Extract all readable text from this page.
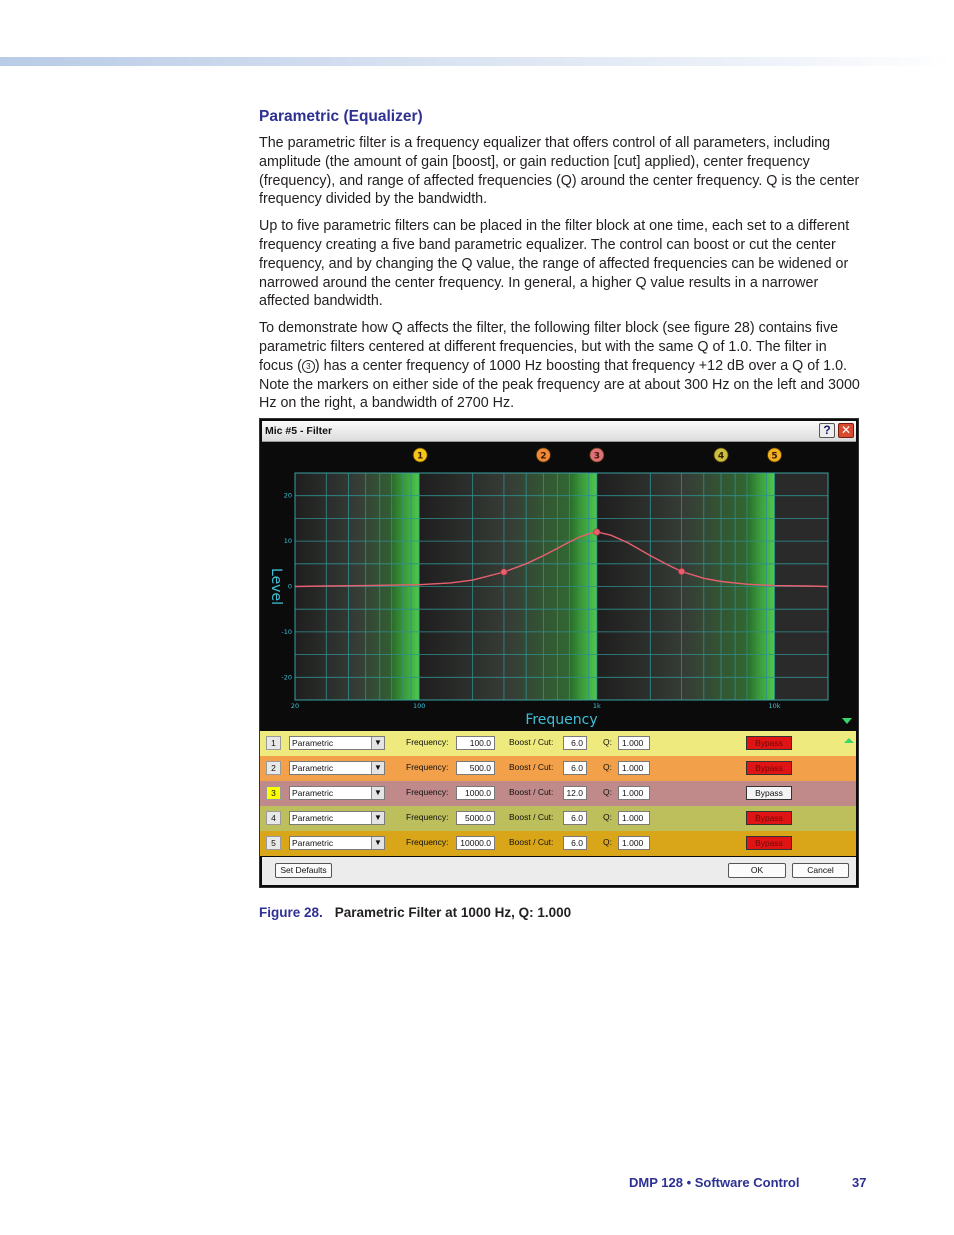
Parametric (Equalizer)

The parametric filter is a frequency equalizer that offers control of all parameters, including amplitude (the amount of gain [boost], or gain reduction [cut] applied), center frequency (frequency), and range of affected frequencies (Q) around the center frequency. Q is the center frequency divided by the bandwidth.

Up to five parametric filters can be placed in the filter block at one time, each set to a different frequency creating a five band parametric equalizer. The control can boost or cut the center frequency, and by changing the Q value, the range of affected frequencies can be widened or narrowed around the center frequency. In general, a higher Q value results in a narrower affected bandwidth.

To demonstrate how Q affects the filter, the following filter block (see figure 28) contains five parametric filters centered at different frequencies, but with the same Q of 1.0. The filter in focus ( 3 ) has a center frequency of 1000 Hz boosting that frequency +12 dB over a Q of 1.0. Note the markers on either side of the peak frequency are at about 300 Hz on the left and 3000 Hz on the right, a bandwidth of 2700 Hz.

Mic #5 - Filter	? ✕
20	100	1k	10k
20
10
0
-10
-20
1	2	3	4	5
Frequency
Level
1	Parametric	▼	Frequency:	100.0	Boost / Cut:	6.0	Q:	1.000	Bypass
2	Parametric	▼	Frequency:	500.0	Boost / Cut:	6.0	Q:	1.000	Bypass
3	Parametric	▼	Frequency:	1000.0	Boost / Cut:	12.0	Q:	1.000	Bypass
4	Parametric	▼	Frequency:	5000.0	Boost / Cut:	6.0	Q:	1.000	Bypass
5	Parametric	▼	Frequency:	10000.0	Boost / Cut:	6.0	Q:	1.000	Bypass
Set Defaults	OK	Cancel
Figure 28. Parametric Filter at 1000 Hz, Q: 1.000
DMP 128 • Software Control	37
